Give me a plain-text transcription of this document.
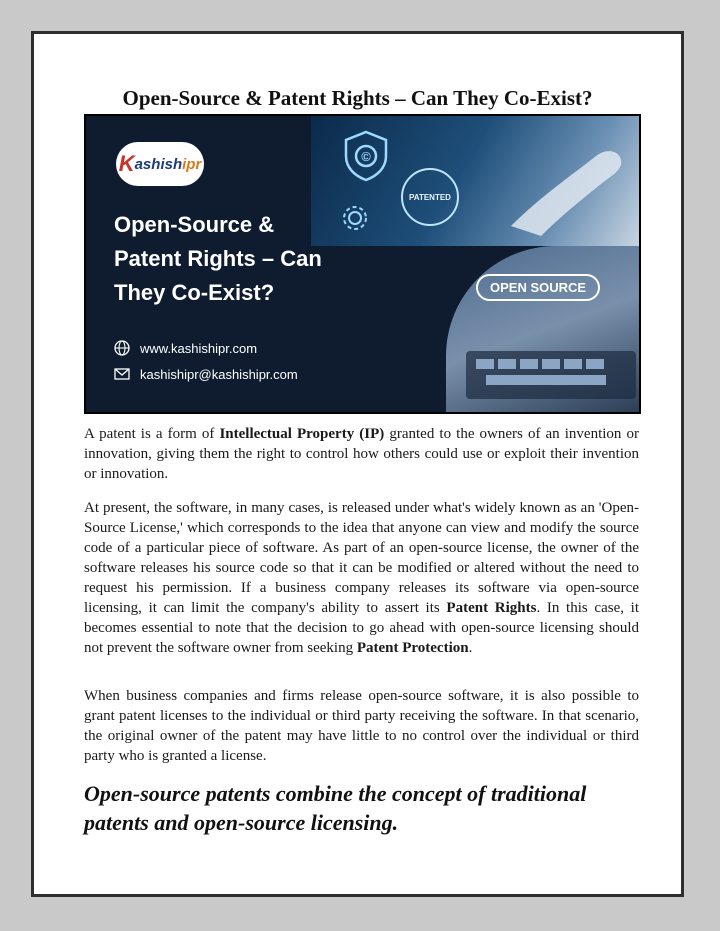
Open-Source & Patent Rights – Can They Co-Exist?
©
PATENTED
OPEN SOURCE
K ashish ipr
Open-Source &
Patent Rights – Can
They Co-Exist?
www.kashishipr.com
kashishipr@kashishipr.com

A patent is a form of Intellectual Property (IP) granted to the owners of an invention or innovation, giving them the right to control how others could use or exploit their invention or innovation.

At present, the software, in many cases, is released under what's widely known as an 'Open-Source License,' which corresponds to the idea that anyone can view and modify the source code of a particular piece of software. As part of an open-source license, the owner of the software releases his source code so that it can be modified or altered without the need to request his permission. If a business company releases its software via open-source licensing, it can limit the company's ability to assert its Patent Rights. In this case, it becomes essential to note that the decision to go ahead with open-source licensing should not prevent the software owner from seeking Patent Protection.

When business companies and firms release open-source software, it is also possible to grant patent licenses to the individual or third party receiving the software. In that scenario, the original owner of the patent may have little to no control over the individual or third party who is granted a license.

Open-source patents combine the concept of traditional patents and open-source licensing.
